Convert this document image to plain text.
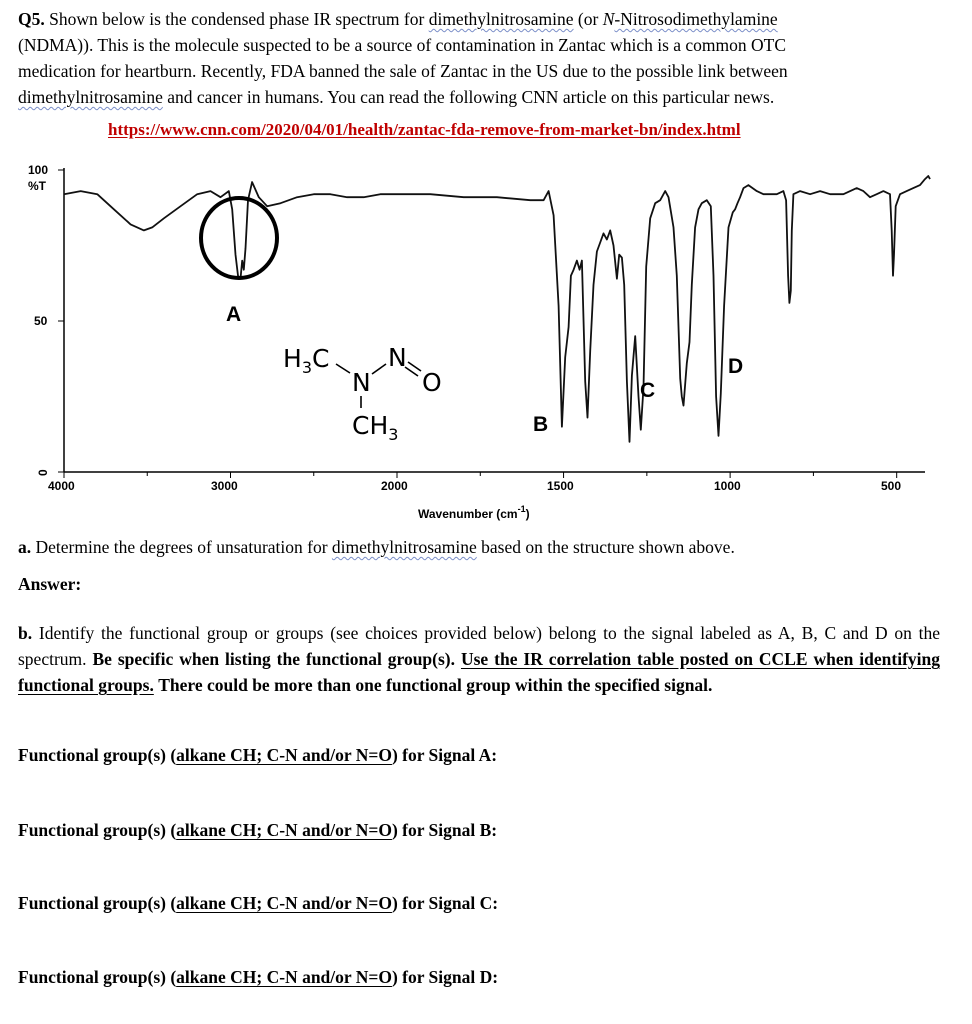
Q5. Shown below is the condensed phase IR spectrum for dimethylnitrosamine (or N-Nitrosodimethylamine
(NDMA)). This is the molecule suspected to be a source of contamination in Zantac which is a common OTC
medication for heartburn. Recently, FDA banned the sale of Zantac in the US due to the possible link between
dimethylnitrosamine and cancer in humans. You can read the following CNN article on this particular news.
https://www.cnn.com/2020/04/01/health/zantac-fda-remove-from-market-bn/index.html
100
%T
50
0
4000	3000	2000	1500	1000	500
Wavenumber $(cm^{-1})$
A
B
C
D
$H_3C$
N
N
O
$CH_3$
a. Determine the degrees of unsaturation for dimethylnitrosamine based on the structure shown above.
Answer:
b. Identify the functional group or groups (see choices provided below) belong to the signal labeled as A, B, C and D on the spectrum. Be specific when listing the functional group(s). Use the IR correlation table posted on CCLE when identifying functional groups. There could be more than one functional group within the specified signal.
Functional group(s) (alkane CH; C-N and/or N=O) for Signal A:
Functional group(s) (alkane CH; C-N and/or N=O) for Signal B:
Functional group(s) (alkane CH; C-N and/or N=O) for Signal C:
Functional group(s) (alkane CH; C-N and/or N=O) for Signal D:
